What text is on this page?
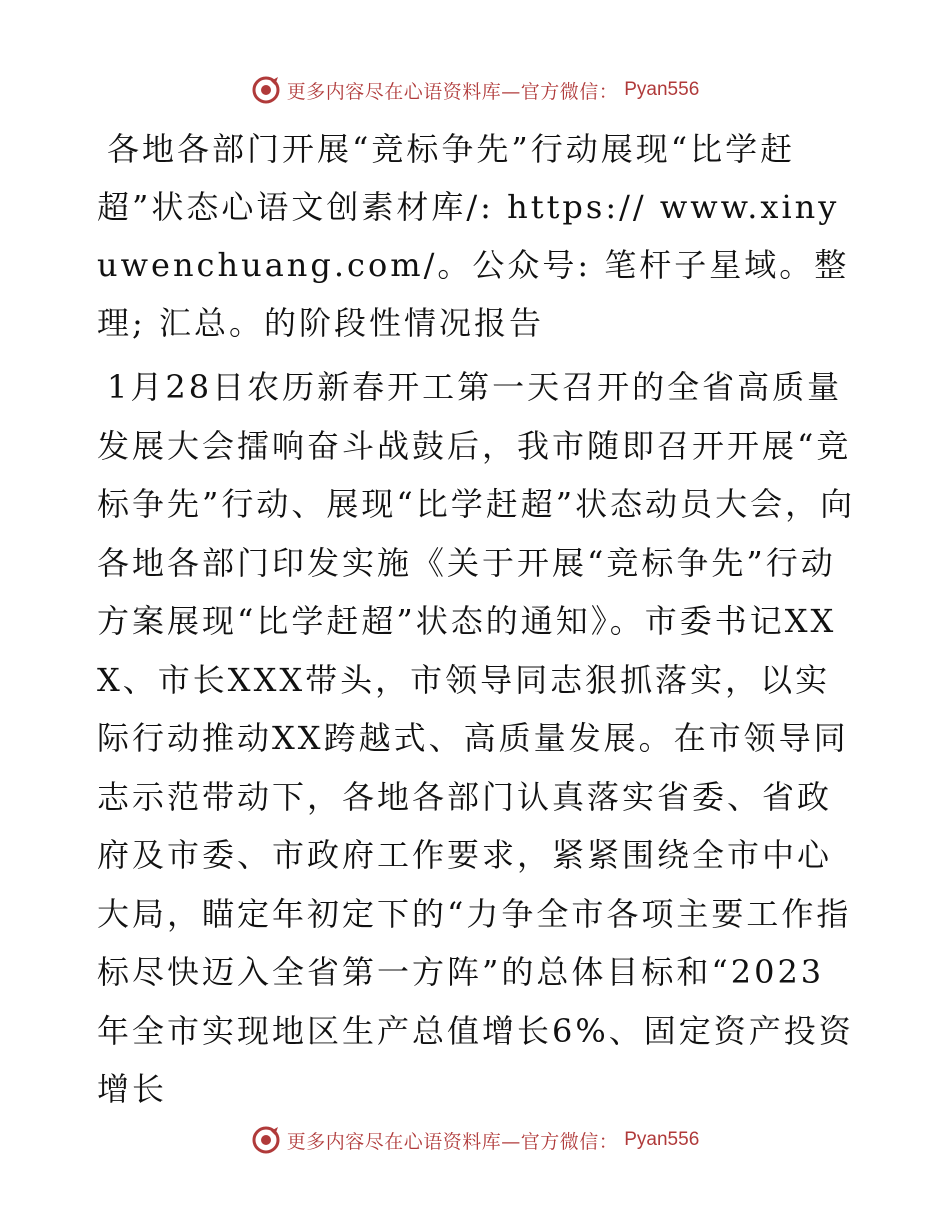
更多内容尽在心语资料库—官方微信： Pyan556

各地各部门开展“竞标争先”行动展现“比学赶超”状态心语文创素材库/: https:// www.xinyuwenchuang.com/。公众号: 笔杆子星域。整理; 汇总。的阶段性情况报告

1月28日农历新春开工第一天召开的全省高质量发展大会擂响奋斗战鼓后，我市随即召开开展“竞标争先”行动、展现“比学赶超”状态动员大会，向各地各部门印发实施《关于开展“竞标争先”行动方案展现“比学赶超”状态的通知》。市委书记XXX、市长XXX带头，市领导同志狠抓落实，以实际行动推动XX跨越式、高质量发展。在市领导同志示范带动下，各地各部门认真落实省委、省政府及市委、市政府工作要求，紧紧围绕全市中心大局，瞄定年初定下的“力争全市各项主要工作指标尽快迈入全省第一方阵”的总体目标和“2023年全市实现地区生产总值增长6%、固定资产投资增长

更多内容尽在心语资料库—官方微信： Pyan556
